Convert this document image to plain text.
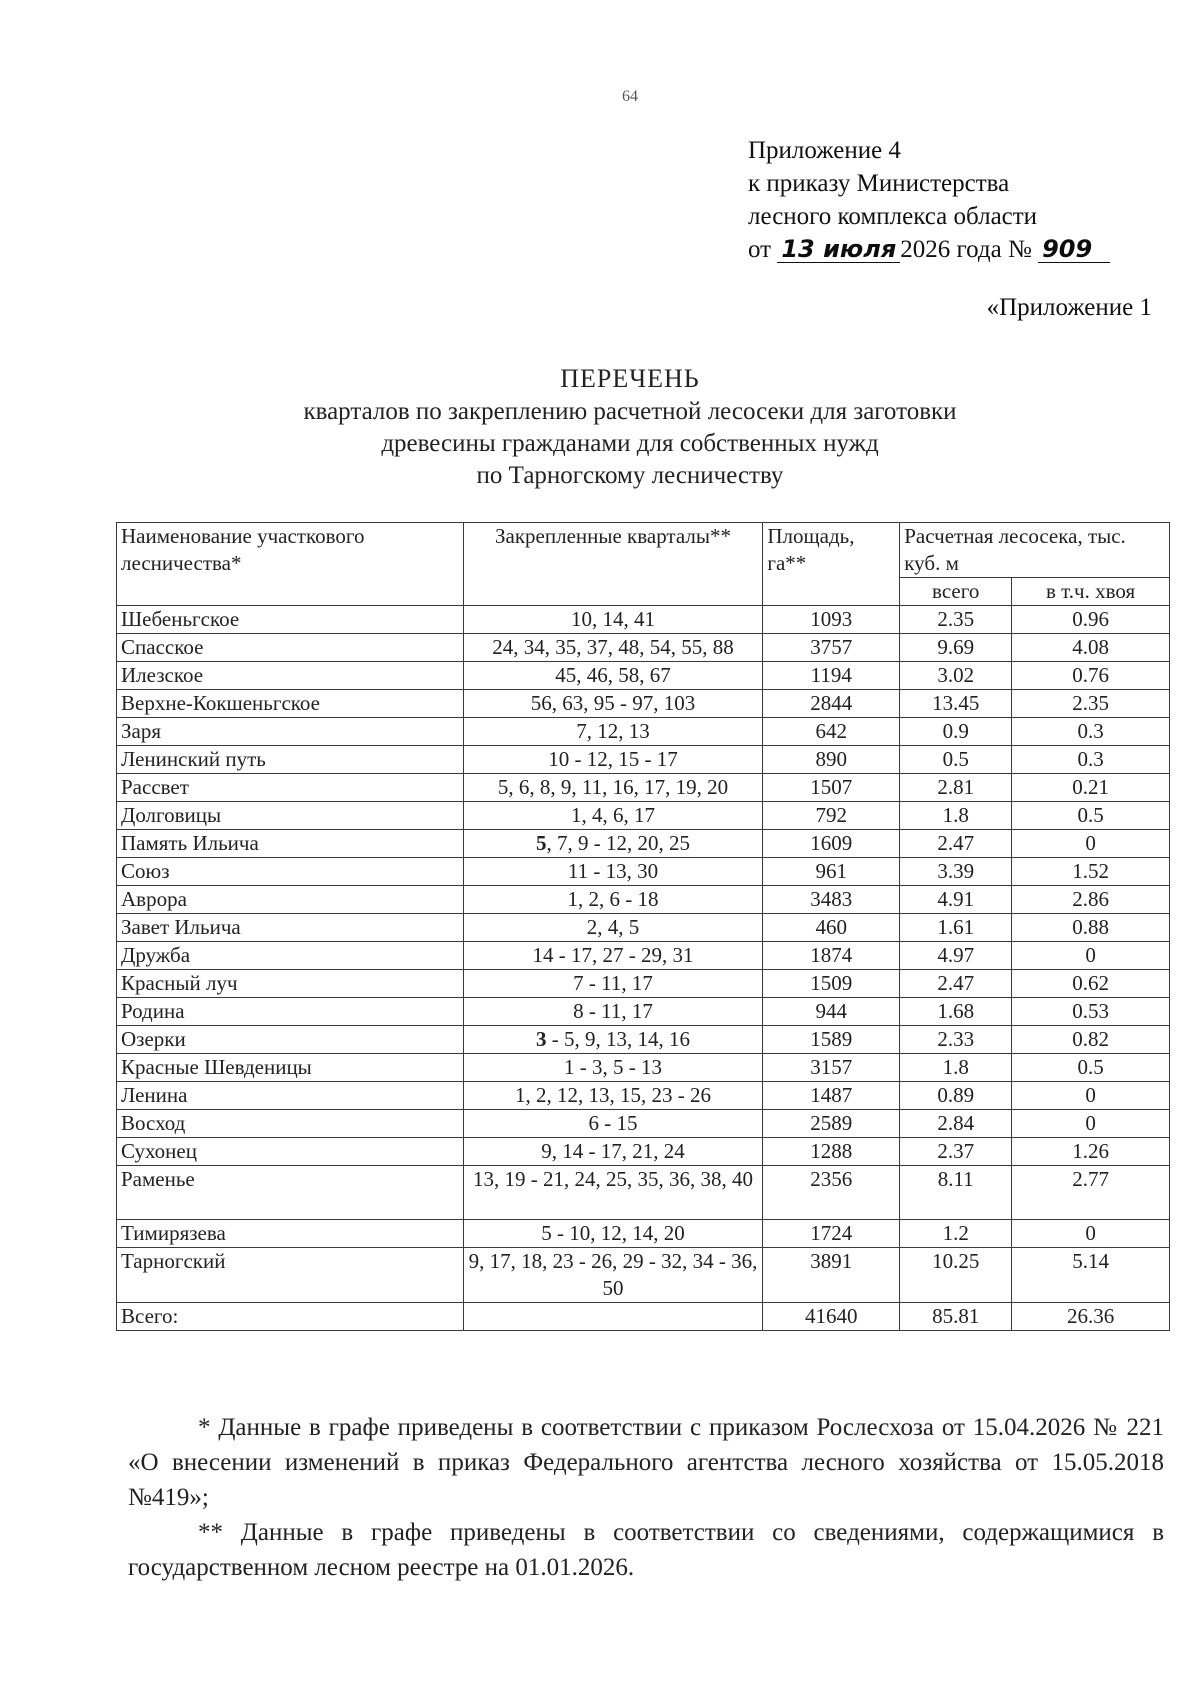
64
Приложение 4
к приказу Министерства
лесного комплекса области
от 13 июля 2026 года № 909
«Приложение 1
ПЕРЕЧЕНЬ
кварталов по закреплению расчетной лесосеки для заготовки
древесины гражданами для собственных нужд
по Тарногскому лесничеству
Наименование участкового лесничества*	Закрепленные кварталы**	Площадь, га**	Расчетная лесосека, тыс. куб. м	
			всего	в т.ч. хвоя
Шебеньгское	10, 14, 41	1093	2.35	0.96
Спасское	24, 34, 35, 37, 48, 54, 55, 88	3757	9.69	4.08
Илезское	45, 46, 58, 67	1194	3.02	0.76
Верхне-Кокшеньгское	56, 63, 95 - 97, 103	2844	13.45	2.35
Заря	7, 12, 13	642	0.9	0.3
Ленинский путь	10 - 12, 15 - 17	890	0.5	0.3
Рассвет	5, 6, 8, 9, 11, 16, 17, 19, 20	1507	2.81	0.21
Долговицы	1, 4, 6, 17	792	1.8	0.5
Память Ильича	5, 7, 9 - 12, 20, 25	1609	2.47	0
Союз	11 - 13, 30	961	3.39	1.52
Аврора	1, 2, 6 - 18	3483	4.91	2.86
Завет Ильича	2, 4, 5	460	1.61	0.88
Дружба	14 - 17, 27 - 29, 31	1874	4.97	0
Красный луч	7 - 11, 17	1509	2.47	0.62
Родина	8 - 11, 17	944	1.68	0.53
Озерки	3 - 5, 9, 13, 14, 16	1589	2.33	0.82
Красные Шевденицы	1 - 3, 5 - 13	3157	1.8	0.5
Ленина	1, 2, 12, 13, 15, 23 - 26	1487	0.89	0
Восход	6 - 15	2589	2.84	0
Сухонец	9, 14 - 17, 21, 24	1288	2.37	1.26
Раменье	13, 19 - 21, 24, 25, 35, 36, 38, 40	2356	8.11	2.77
Тимирязева	5 - 10, 12, 14, 20	1724	1.2	0
Тарногский	9, 17, 18, 23 - 26, 29 - 32, 34 - 36, 50	3891	10.25	5.14
Всего:		41640	85.81	26.36

* Данные в графе приведены в соответствии с приказом Рослесхоза от 15.04.2026 № 221 «О внесении изменений в приказ Федерального агентства лесного хозяйства от 15.05.2018 №419»;

** Данные в графе приведены в соответствии со сведениями, содержащимися в государственном лесном реестре на 01.01.2026.
